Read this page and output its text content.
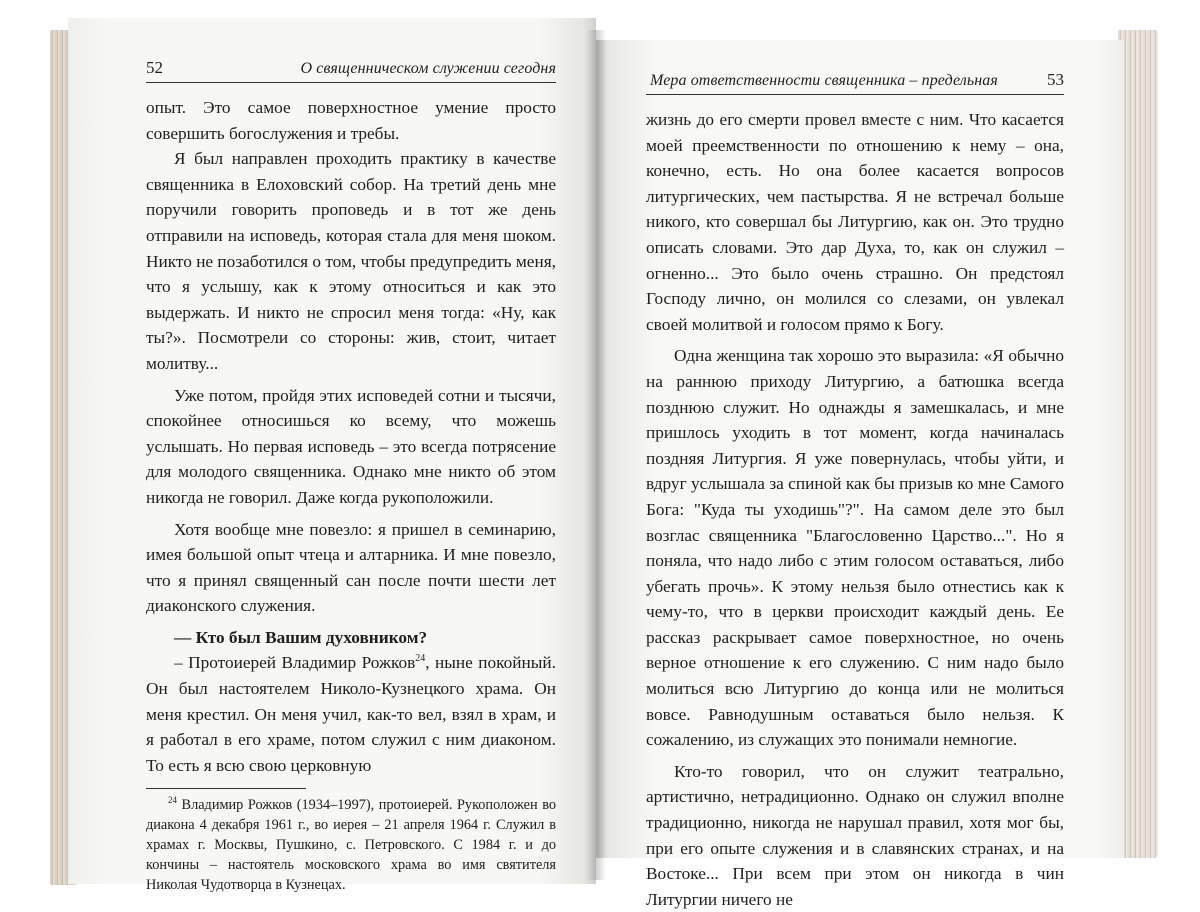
52	О священническом служении сегодня

опыт. Это самое поверхностное умение просто совершить богослужения и требы.

Я был направлен проходить практику в качестве священника в Елоховский собор. На третий день мне поручили говорить проповедь и в тот же день отправили на исповедь, которая стала для меня шоком. Никто не позаботился о том, чтобы предупредить меня, что я услышу, как к этому относиться и как это выдержать. И никто не спросил меня тогда: «Ну, как ты?». Посмотрели со стороны: жив, стоит, читает молитву...

Уже потом, пройдя этих исповедей сотни и тысячи, спокойнее относишься ко всему, что можешь услышать. Но первая исповедь – это всегда потрясение для молодого священника. Однако мне никто об этом никогда не говорил. Даже когда рукоположили.

Хотя вообще мне повезло: я пришел в семинарию, имея большой опыт чтеца и алтарника. И мне повезло, что я принял священный сан после почти шести лет диаконского служения.

— Кто был Вашим духовником?

– Протоиерей Владимир Рожков$^{24}$, ныне покойный. Он был настоятелем Николо-Кузнецкого храма. Он меня крестил. Он меня учил, как-то вел, взял в храм, и я работал в его храме, потом служил с ним диаконом. То есть я всю свою церковную

$^{24}$ Владимир Рожков (1934–1997), протоиерей. Рукоположен во диакона 4 декабря 1961 г., во иерея – 21 апреля 1964 г. Служил в храмах г. Москвы, Пушкино, с. Петровского. С 1984 г. и до кончины – настоятель московского храма во имя святителя Николая Чудотворца в Кузнецах.

Мера ответственности священника – предельная	53

жизнь до его смерти провел вместе с ним. Что касается моей преемственности по отношению к нему – она, конечно, есть. Но она более касается вопросов литургических, чем пастырства. Я не встречал больше никого, кто совершал бы Литургию, как он. Это трудно описать словами. Это дар Духа, то, как он служил – огненно... Это было очень страшно. Он предстоял Господу лично, он молился со слезами, он увлекал своей молитвой и голосом прямо к Богу.

Одна женщина так хорошо это выразила: «Я обычно на раннюю приходу Литургию, а батюшка всегда позднюю служит. Но однажды я замешкалась, и мне пришлось уходить в тот момент, когда начиналась поздняя Литургия. Я уже повернулась, чтобы уйти, и вдруг услышала за спиной как бы призыв ко мне Самого Бога: "Куда ты уходишь"?". На самом деле это был возглас священника "Благословенно Царство...". Но я поняла, что надо либо с этим голосом оставаться, либо убегать прочь». К этому нельзя было отнестись как к чему-то, что в церкви происходит каждый день. Ее рассказ раскрывает самое поверхностное, но очень верное отношение к его служению. С ним надо было молиться всю Литургию до конца или не молиться вовсе. Равнодушным оставаться было нельзя. К сожалению, из служащих это понимали немногие.

Кто-то говорил, что он служит театрально, артистично, нетрадиционно. Однако он служил вполне традиционно, никогда не нарушал правил, хотя мог бы, при его опыте служения и в славянских странах, и на Востоке... При всем при этом он никогда в чин Литургии ничего не
